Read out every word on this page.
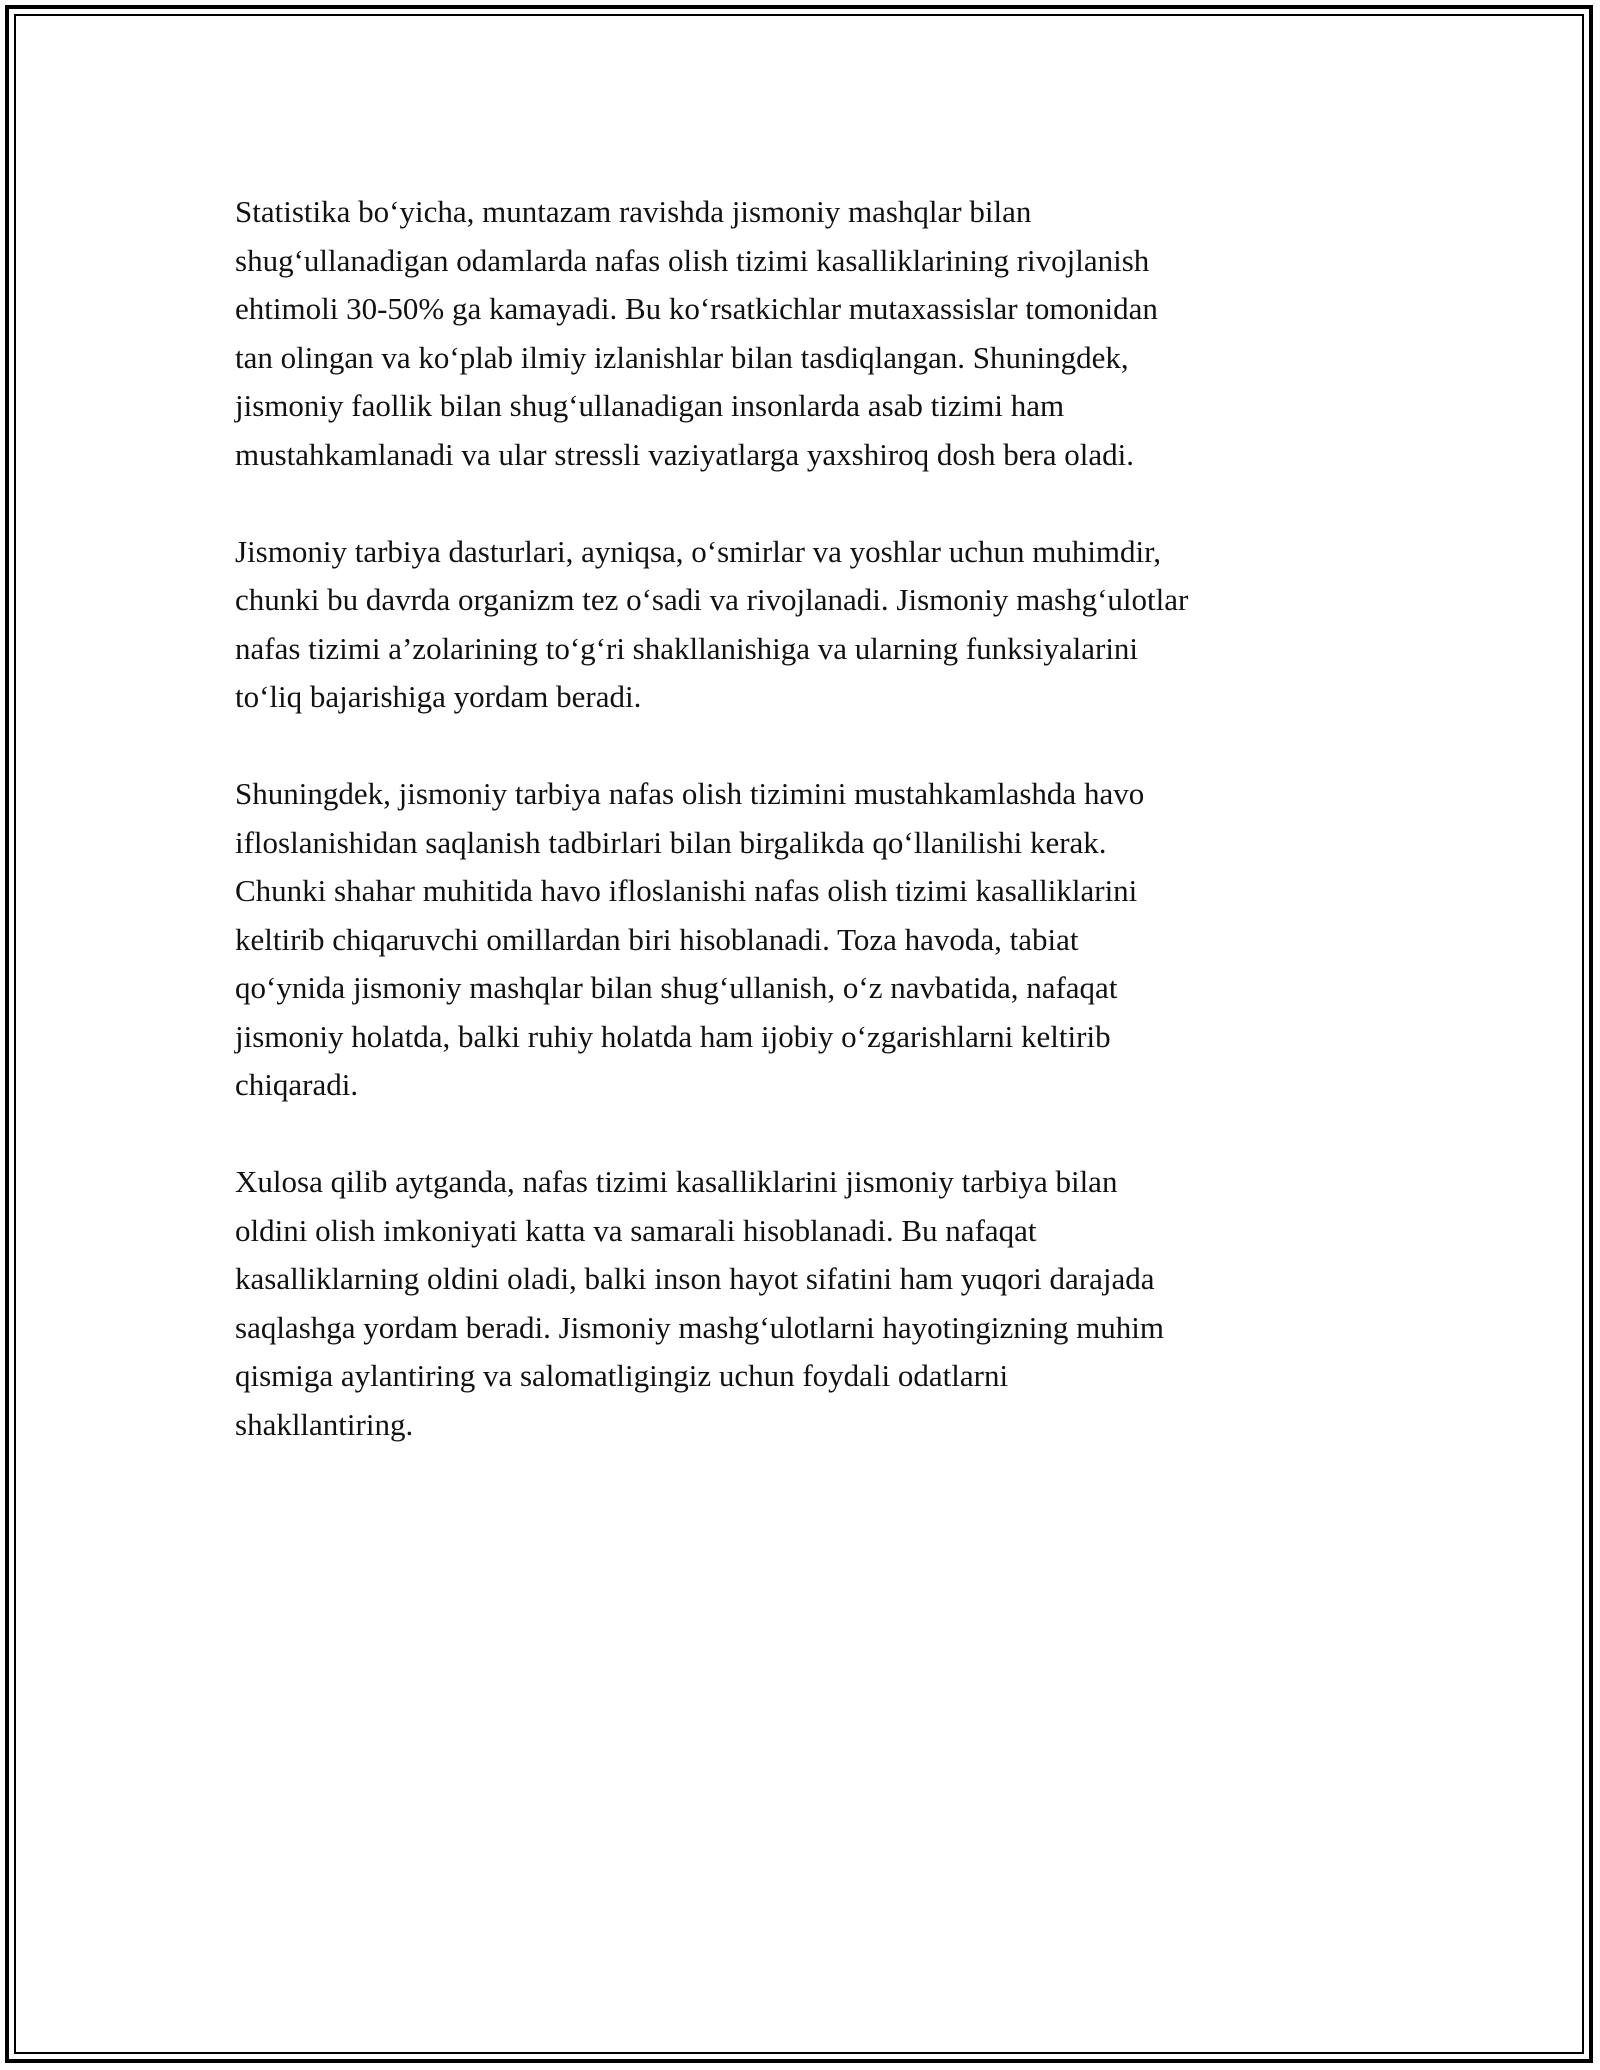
Statistika bo‘yicha, muntazam ravishda jismoniy mashqlar bilan
shug‘ullanadigan odamlarda nafas olish tizimi kasalliklarining rivojlanish
ehtimoli 30-50% ga kamayadi. Bu ko‘rsatkichlar mutaxassislar tomonidan
tan olingan va ko‘plab ilmiy izlanishlar bilan tasdiqlangan. Shuningdek,
jismoniy faollik bilan shug‘ullanadigan insonlarda asab tizimi ham
mustahkamlanadi va ular stressli vaziyatlarga yaxshiroq dosh bera oladi.

Jismoniy tarbiya dasturlari, ayniqsa, o‘smirlar va yoshlar uchun muhimdir,
chunki bu davrda organizm tez o‘sadi va rivojlanadi. Jismoniy mashg‘ulotlar
nafas tizimi a’zolarining to‘g‘ri shakllanishiga va ularning funksiyalarini
to‘liq bajarishiga yordam beradi.

Shuningdek, jismoniy tarbiya nafas olish tizimini mustahkamlashda havo
ifloslanishidan saqlanish tadbirlari bilan birgalikda qo‘llanilishi kerak.
Chunki shahar muhitida havo ifloslanishi nafas olish tizimi kasalliklarini
keltirib chiqaruvchi omillardan biri hisoblanadi. Toza havoda, tabiat
qo‘ynida jismoniy mashqlar bilan shug‘ullanish, o‘z navbatida, nafaqat
jismoniy holatda, balki ruhiy holatda ham ijobiy o‘zgarishlarni keltirib
chiqaradi.

Xulosa qilib aytganda, nafas tizimi kasalliklarini jismoniy tarbiya bilan
oldini olish imkoniyati katta va samarali hisoblanadi. Bu nafaqat
kasalliklarning oldini oladi, balki inson hayot sifatini ham yuqori darajada
saqlashga yordam beradi. Jismoniy mashg‘ulotlarni hayotingizning muhim
qismiga aylantiring va salomatligingiz uchun foydali odatlarni
shakllantiring.
